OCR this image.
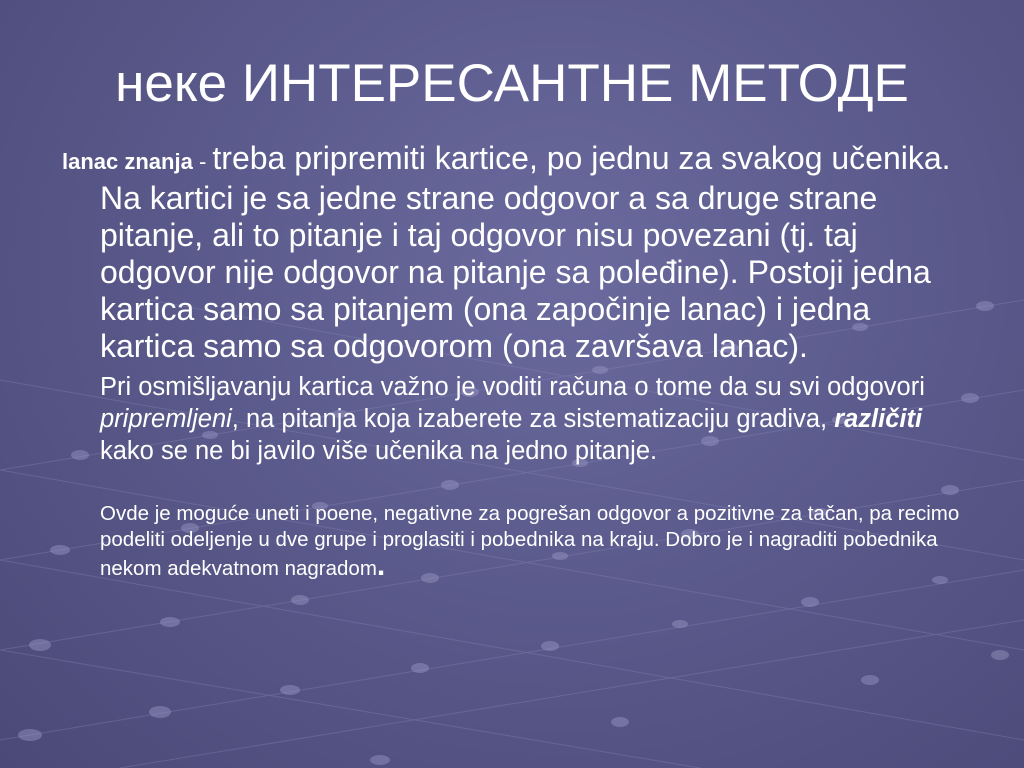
неке ИНТЕРЕСАНТНЕ МЕТОДЕ

lanac znanja - treba pripremiti kartice, po jednu za svakog učenika. Na kartici je sa jedne strane odgovor a sa druge strane pitanje, ali to pitanje i taj odgovor nisu povezani (tj. taj odgovor nije odgovor na pitanje sa poleđine). Postoji jedna kartica samo sa pitanjem (ona započinje lanac) i jedna kartica samo sa odgovorom (ona završava lanac).

Pri osmišljavanju kartica važno je voditi računa o tome da su svi odgovori pripremljeni, na pitanja koja izaberete za sistematizaciju gradiva, različiti kako se ne bi javilo više učenika na jedno pitanje.

Ovde je moguće uneti i poene, negativne za pogrešan odgovor a pozitivne za tačan, pa recimo podeliti odeljenje u dve grupe i proglasiti i pobednika na kraju. Dobro je i nagraditi pobednika nekom adekvatnom nagradom.
